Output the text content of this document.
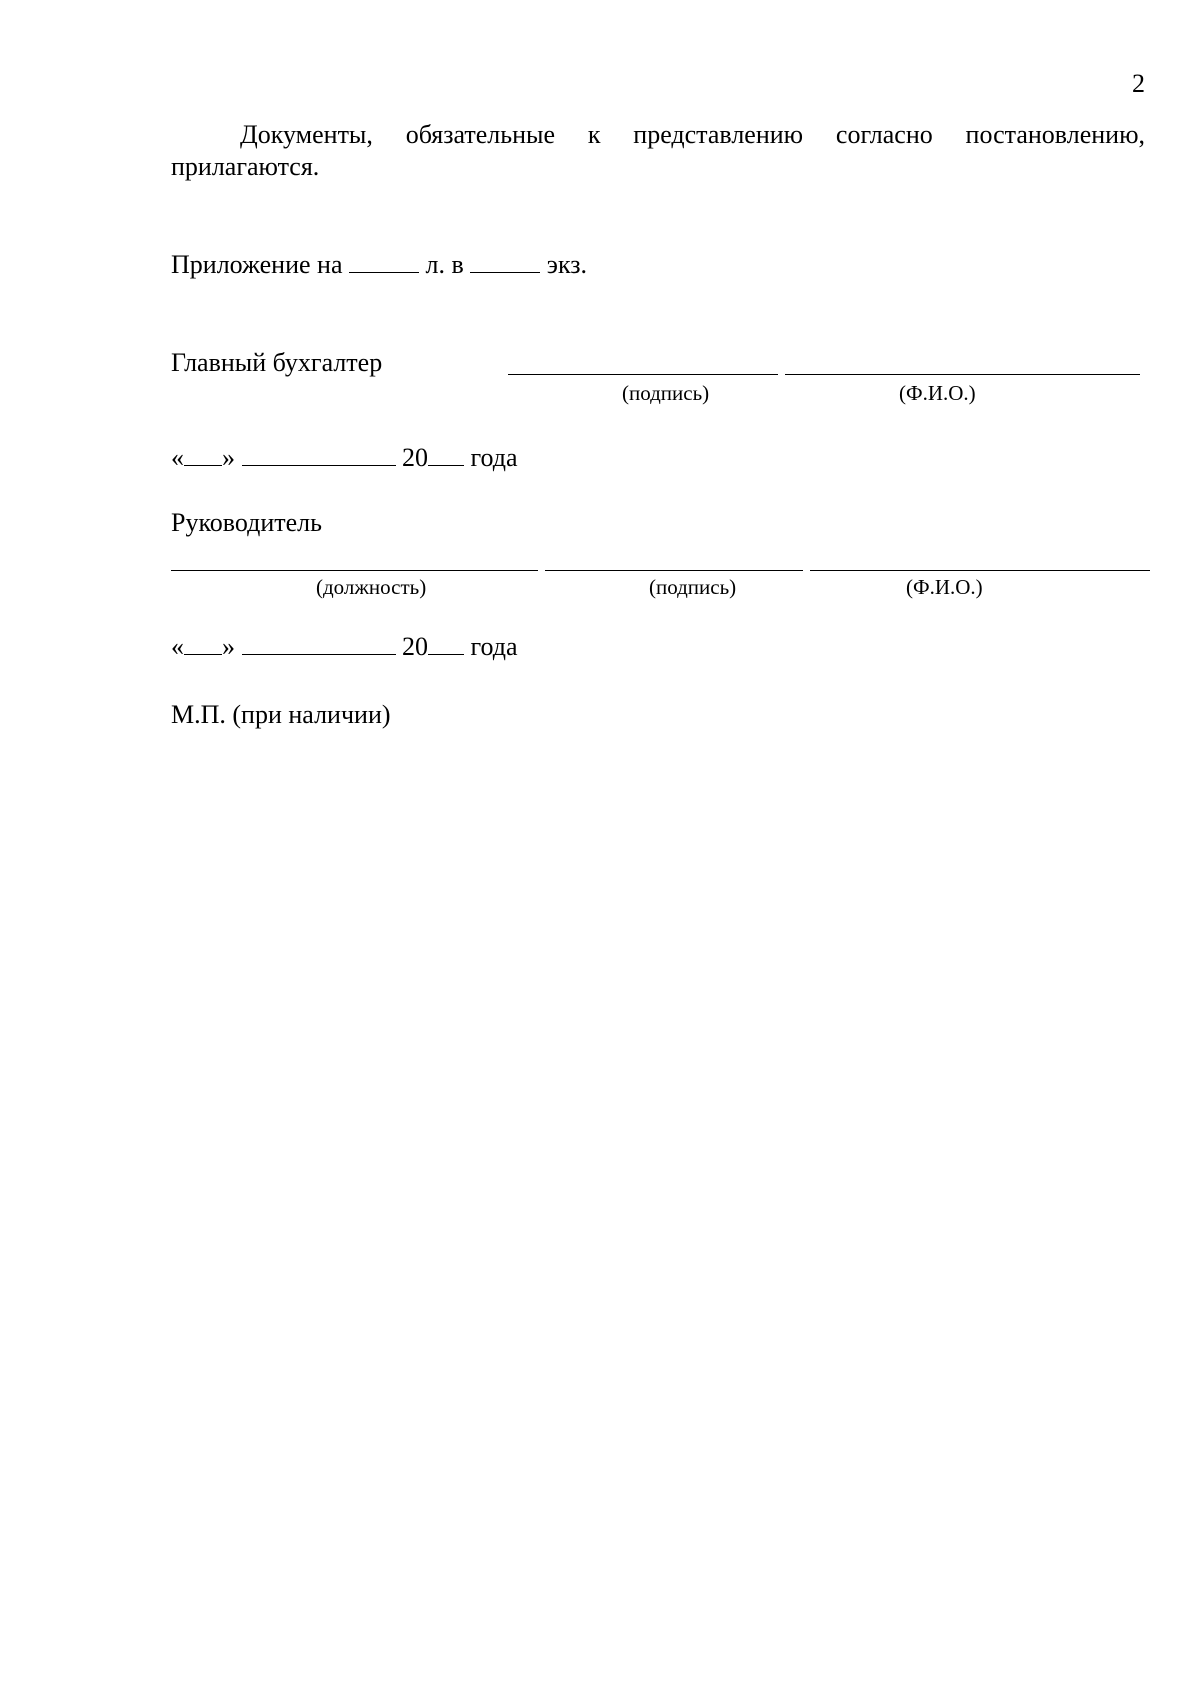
2
Документы, обязательные к представлению согласно постановлению, прилагаются.
Приложение на	л. в	экз.
Главный бухгалтер
(подпись)	(Ф.И.О.)
« »	20 года
Руководитель
(должность)	(подпись)	(Ф.И.О.)
« »	20 года
М.П. (при наличии)
